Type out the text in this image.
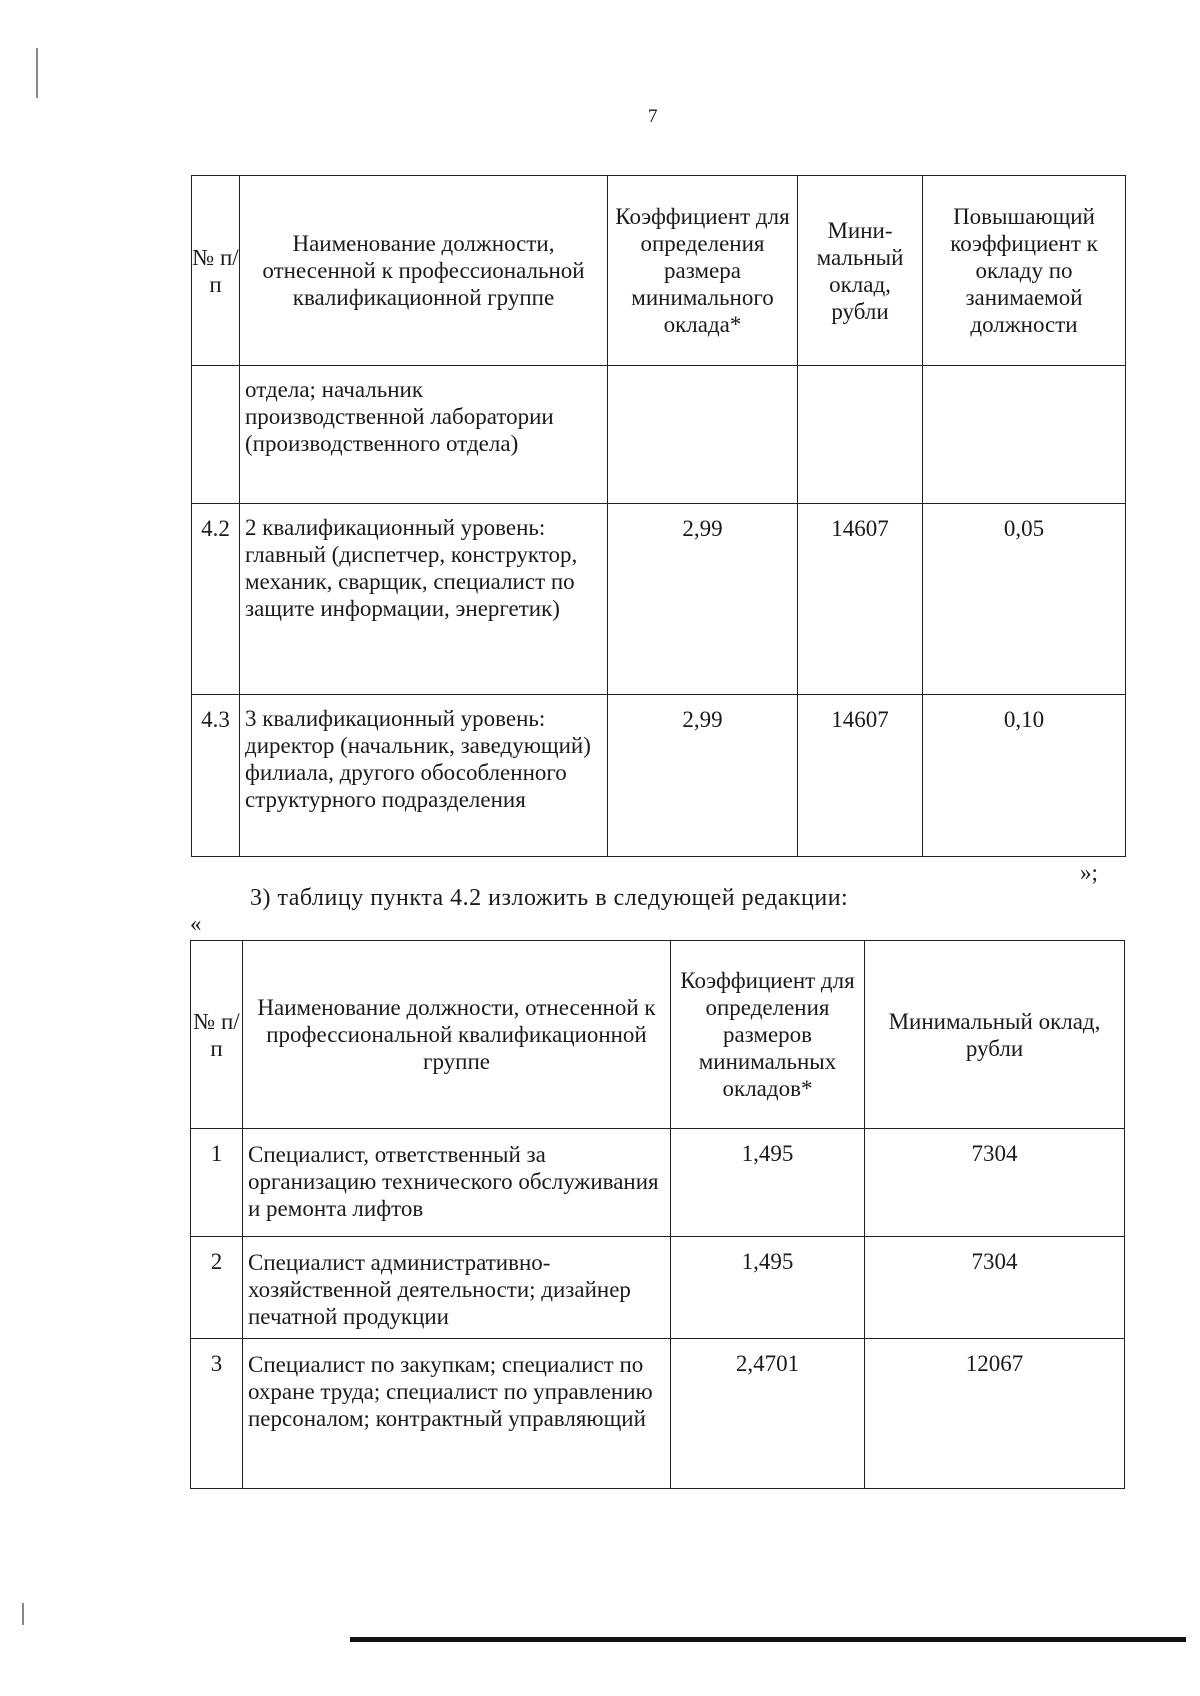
7
№ п/п	Наименование должности, отнесенной к профессиональной квалификационной группе	Коэффициент для определения размера минимального оклада*	Мини-мальный оклад, рубли	Повышающий коэффициент к окладу по занимаемой должности
	отдела; начальник производственной лаборатории (производственного отдела)			
4.2	2 квалификационный уровень: главный (диспетчер, конструктор, механик, сварщик, специалист по защите информации, энергетик)	2,99	14607	0,05
4.3	3 квалификационный уровень: директор (начальник, заведующий) филиала, другого обособленного структурного подразделения	2,99	14607	0,10
»;
3) таблицу пункта 4.2 изложить в следующей редакции:
«
№ п/п	Наименование должности, отнесенной к профессиональной квалификационной группе	Коэффициент для определения размеров минимальных окладов*	Минимальный оклад, рубли
1	Специалист, ответственный за организацию технического обслуживания и ремонта лифтов	1,495	7304
2	Специалист административно-хозяйственной деятельности; дизайнер печатной продукции	1,495	7304
3	Специалист по закупкам; специалист по охране труда; специалист по управлению персоналом; контрактный управляющий	2,4701	12067
